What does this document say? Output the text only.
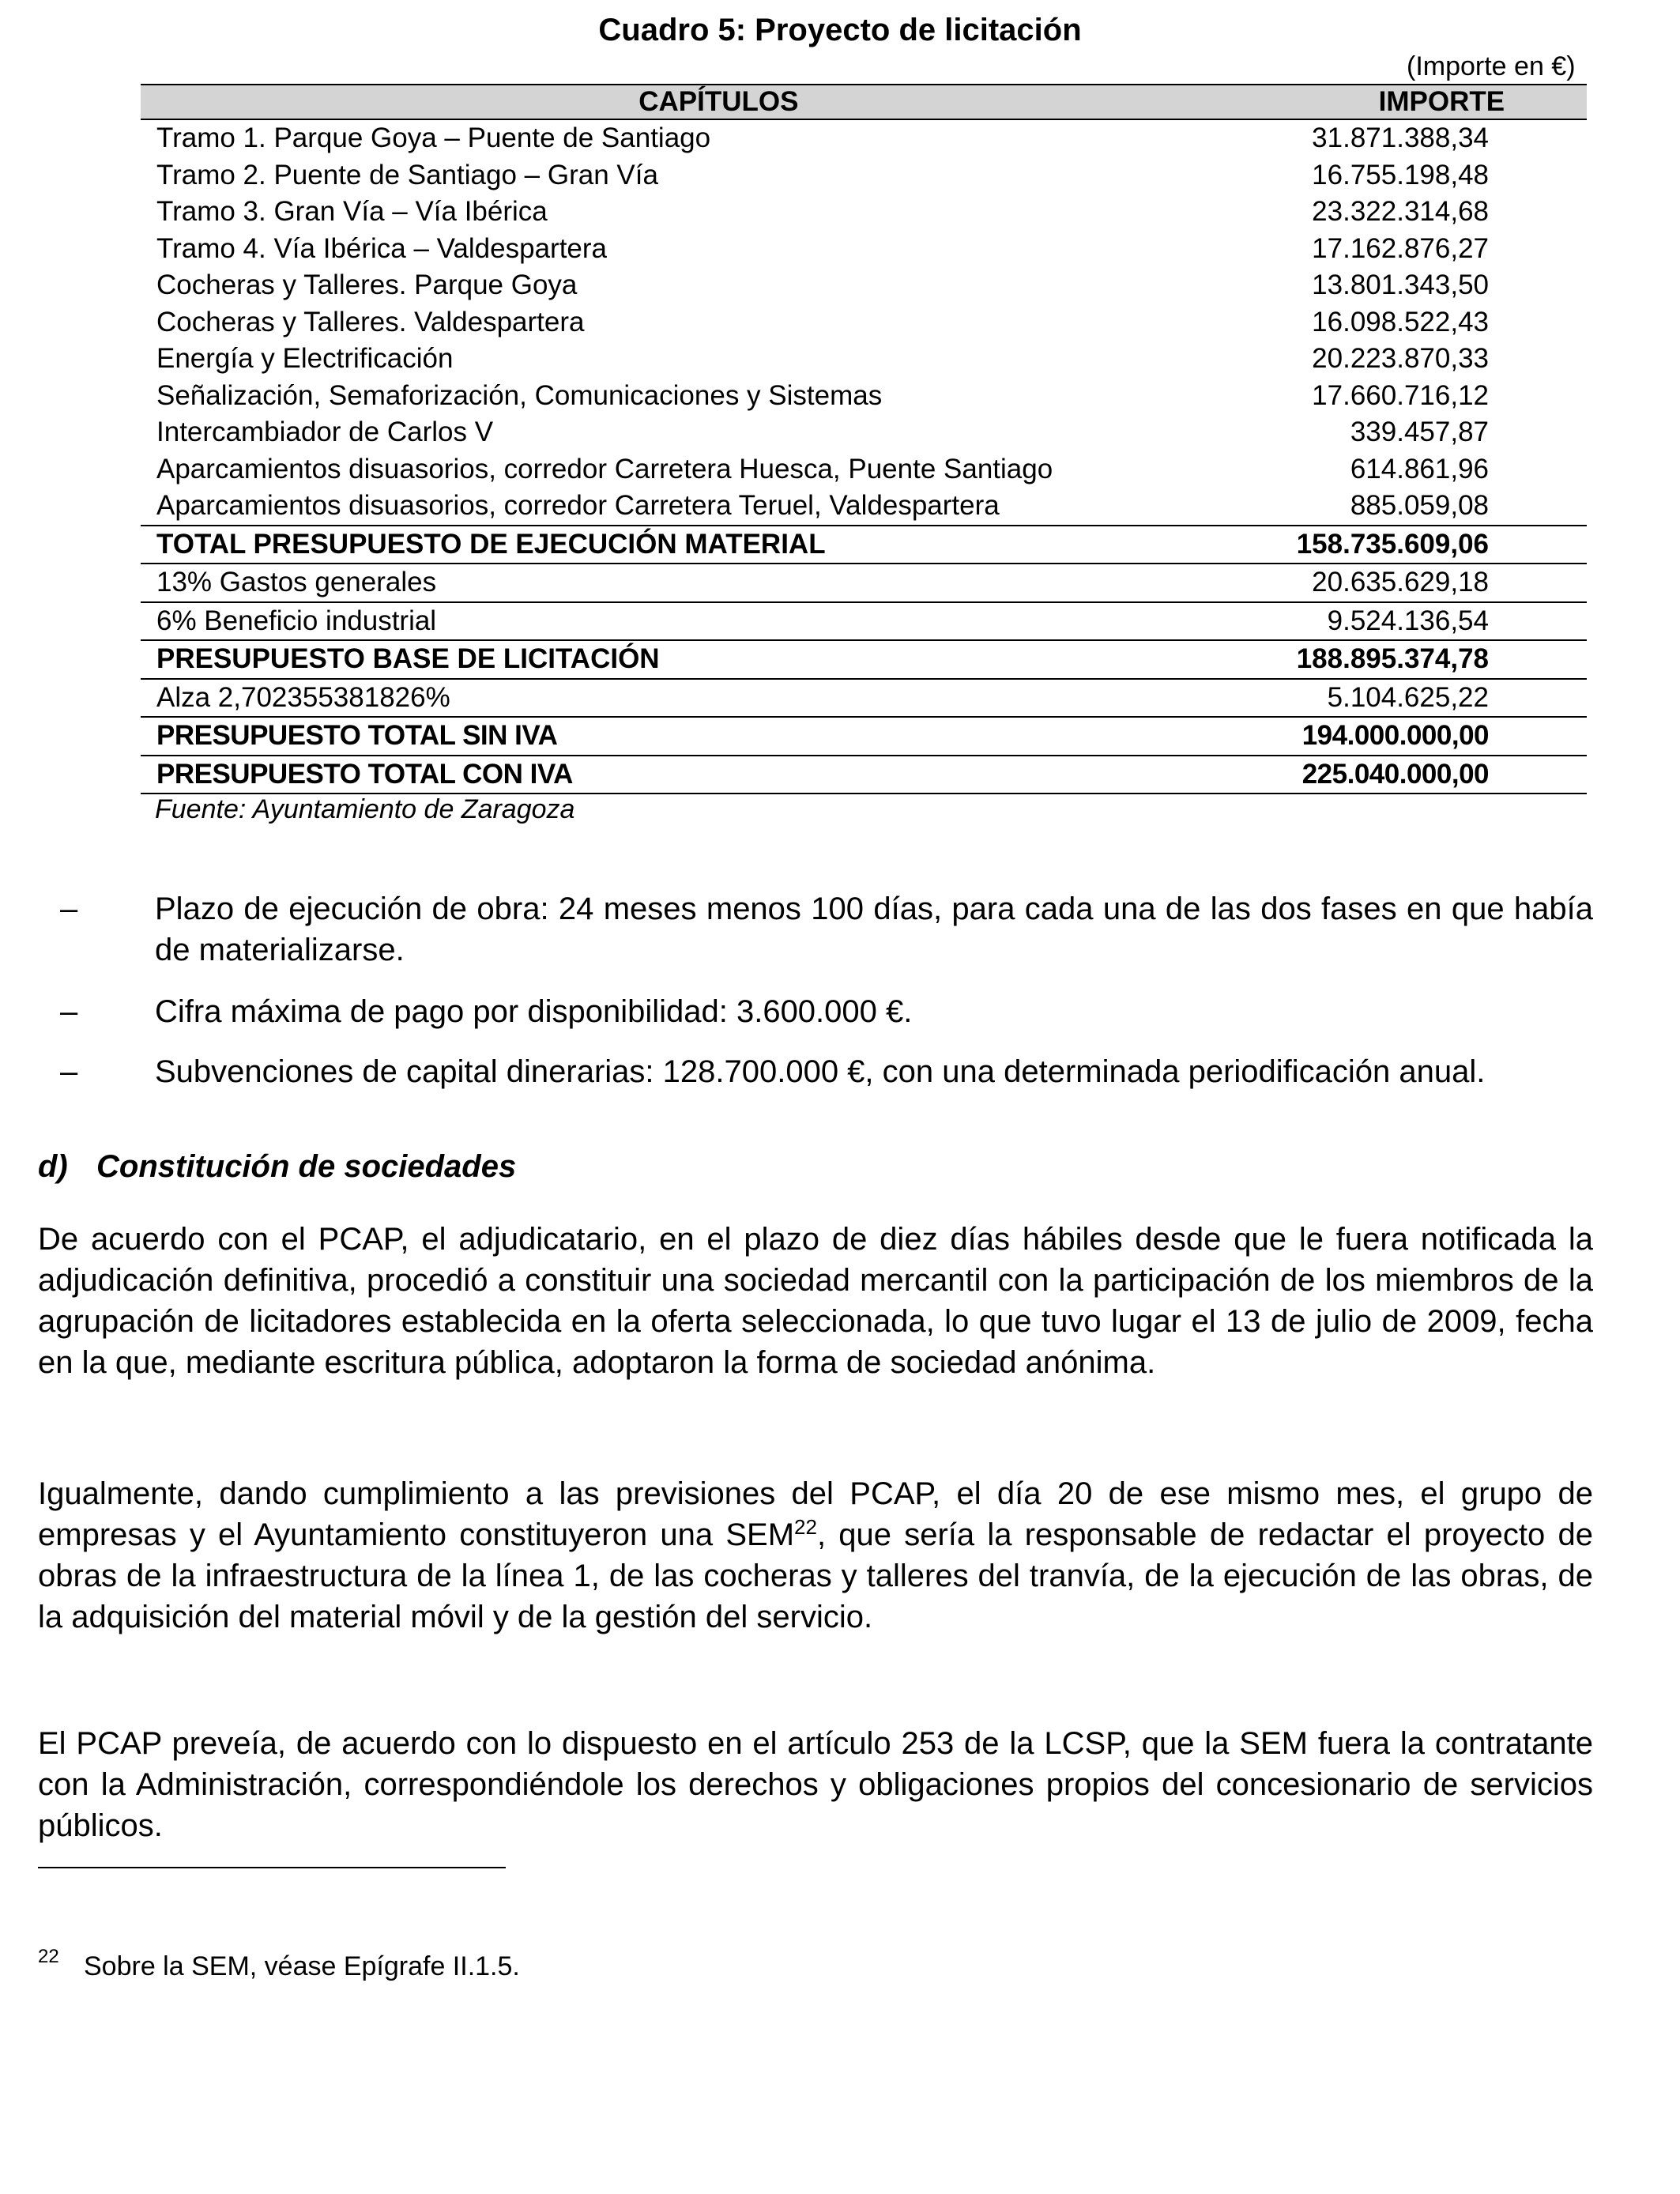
Cuadro 5: Proyecto de licitación
(Importe en €)
CAPÍTULOS	IMPORTE
Tramo 1. Parque Goya – Puente de Santiago	31.871.388,34
Tramo 2. Puente de Santiago – Gran Vía	16.755.198,48
Tramo 3. Gran Vía – Vía Ibérica	23.322.314,68
Tramo 4. Vía Ibérica – Valdespartera	17.162.876,27
Cocheras y Talleres. Parque Goya	13.801.343,50
Cocheras y Talleres. Valdespartera	16.098.522,43
Energía y Electrificación	20.223.870,33
Señalización, Semaforización, Comunicaciones y Sistemas	17.660.716,12
Intercambiador de Carlos V	339.457,87
Aparcamientos disuasorios, corredor Carretera Huesca, Puente Santiago	614.861,96
Aparcamientos disuasorios, corredor Carretera Teruel, Valdespartera	885.059,08
TOTAL PRESUPUESTO DE EJECUCIÓN MATERIAL	158.735.609,06
13% Gastos generales	20.635.629,18
6% Beneficio industrial	9.524.136,54
PRESUPUESTO BASE DE LICITACIÓN	188.895.374,78
Alza 2,702355381826%	5.104.625,22
PRESUPUESTO TOTAL SIN IVA	194.000.000,00
PRESUPUESTO TOTAL CON IVA	225.040.000,00
Fuente: Ayuntamiento de Zaragoza
– Plazo de ejecución de obra: 24 meses menos 100 días, para cada una de las dos fases en que había de materializarse.
– Cifra máxima de pago por disponibilidad: 3.600.000 €.
– Subvenciones de capital dinerarias: 128.700.000 €, con una determinada periodificación anual.
d) Constitución de sociedades
De acuerdo con el PCAP, el adjudicatario, en el plazo de diez días hábiles desde que le fuera notificada la adjudicación definitiva, procedió a constituir una sociedad mercantil con la participación de los miembros de la agrupación de licitadores establecida en la oferta seleccionada, lo que tuvo lugar el 13 de julio de 2009, fecha en la que, mediante escritura pública, adoptaron la forma de sociedad anónima.
Igualmente, dando cumplimiento a las previsiones del PCAP, el día 20 de ese mismo mes, el grupo de empresas y el Ayuntamiento constituyeron una SEM$^{22}$, que sería la responsable de redactar el proyecto de obras de la infraestructura de la línea 1, de las cocheras y talleres del tranvía, de la ejecución de las obras, de la adquisición del material móvil y de la gestión del servicio.
El PCAP preveía, de acuerdo con lo dispuesto en el artículo 253 de la LCSP, que la SEM fuera la contratante con la Administración, correspondiéndole los derechos y obligaciones propios del concesionario de servicios públicos.
22 Sobre la SEM, véase Epígrafe II.1.5.
